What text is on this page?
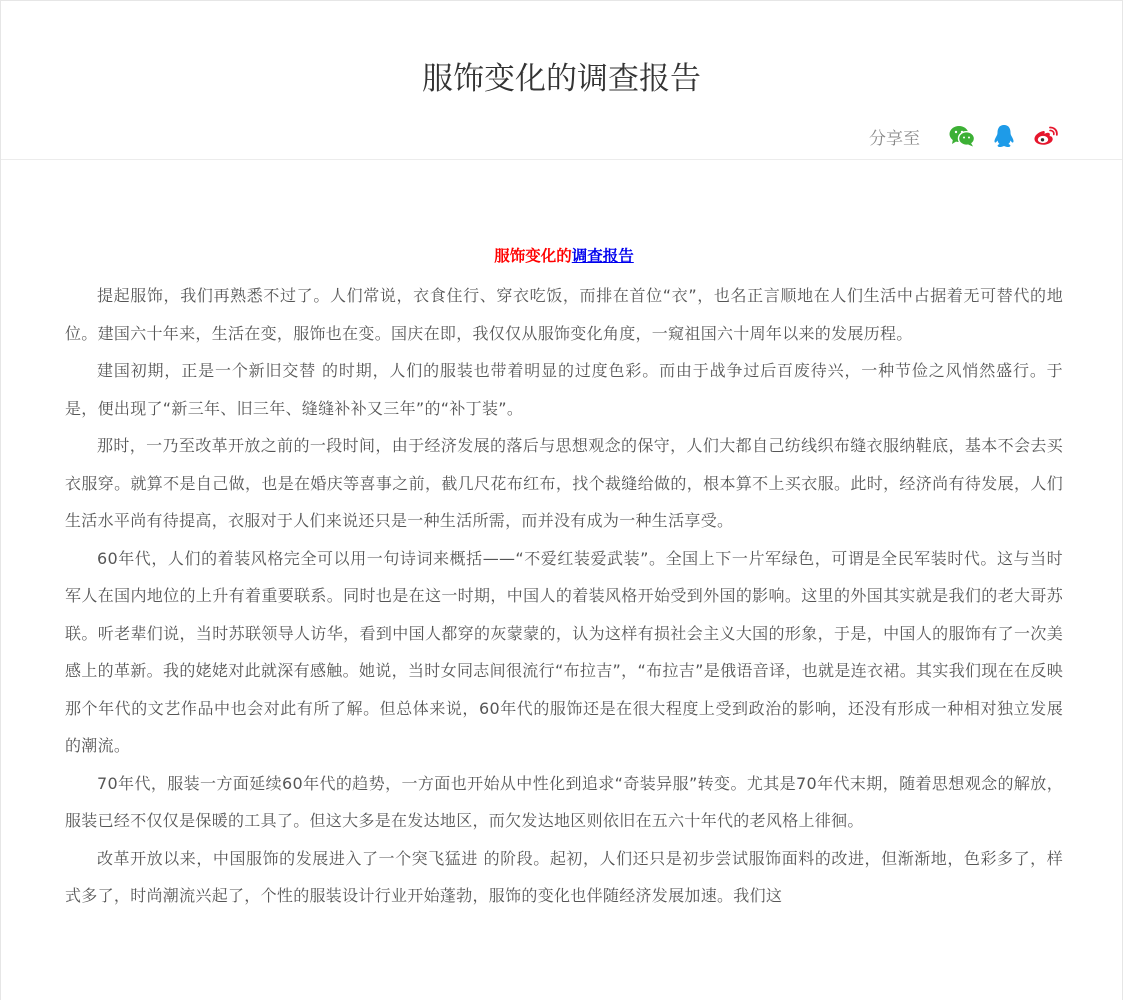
服饰变化的调查报告
分享至
服饰变化的调查报告

提起服饰，我们再熟悉不过了。人们常说，衣食住行、穿衣吃饭，而排在首位“衣”，也名正言顺地在人们生活中占据着无可替代的地位。建国六十年来，生活在变，服饰也在变。国庆在即，我仅仅从服饰变化角度，一窥祖国六十周年以来的发展历程。

建国初期，正是一个新旧交替 的时期，人们的服装也带着明显的过度色彩。而由于战争过后百废待兴，一种节俭之风悄然盛行。于是，便出现了“新三年、旧三年、缝缝补补又三年”的“补丁装”。

那时，一乃至改革开放之前的一段时间，由于经济发展的落后与思想观念的保守，人们大都自己纺线织布缝衣服纳鞋底，基本不会去买衣服穿。就算不是自己做，也是在婚庆等喜事之前，截几尺花布红布，找个裁缝给做的，根本算不上买衣服。此时，经济尚有待发展，人们生活水平尚有待提高，衣服对于人们来说还只是一种生活所需，而并没有成为一种生活享受。

60年代，人们的着装风格完全可以用一句诗词来概括——“不爱红装爱武装”。全国上下一片军绿色，可谓是全民军装时代。这与当时军人在国内地位的上升有着重要联系。同时也是在这一时期，中国人的着装风格开始受到外国的影响。这里的外国其实就是我们的老大哥苏联。听老辈们说，当时苏联领导人访华，看到中国人都穿的灰蒙蒙的，认为这样有损社会主义大国的形象，于是，中国人的服饰有了一次美感上的革新。我的姥姥对此就深有感触。她说，当时女同志间很流行“布拉吉”，“布拉吉”是俄语音译，也就是连衣裙。其实我们现在在反映那个年代的文艺作品中也会对此有所了解。但总体来说，60年代的服饰还是在很大程度上受到政治的影响，还没有形成一种相对独立发展的潮流。

70年代，服装一方面延续60年代的趋势，一方面也开始从中性化到追求“奇装异服”转变。尤其是70年代末期，随着思想观念的解放，服装已经不仅仅是保暖的工具了。但这大多是在发达地区，而欠发达地区则依旧在五六十年代的老风格上徘徊。

改革开放以来，中国服饰的发展进入了一个突飞猛进 的阶段。起初，人们还只是初步尝试服饰面料的改进，但渐渐地，色彩多了，样式多了，时尚潮流兴起了，个性的服装设计行业开始蓬勃，服饰的变化也伴随经济发展加速。我们这
